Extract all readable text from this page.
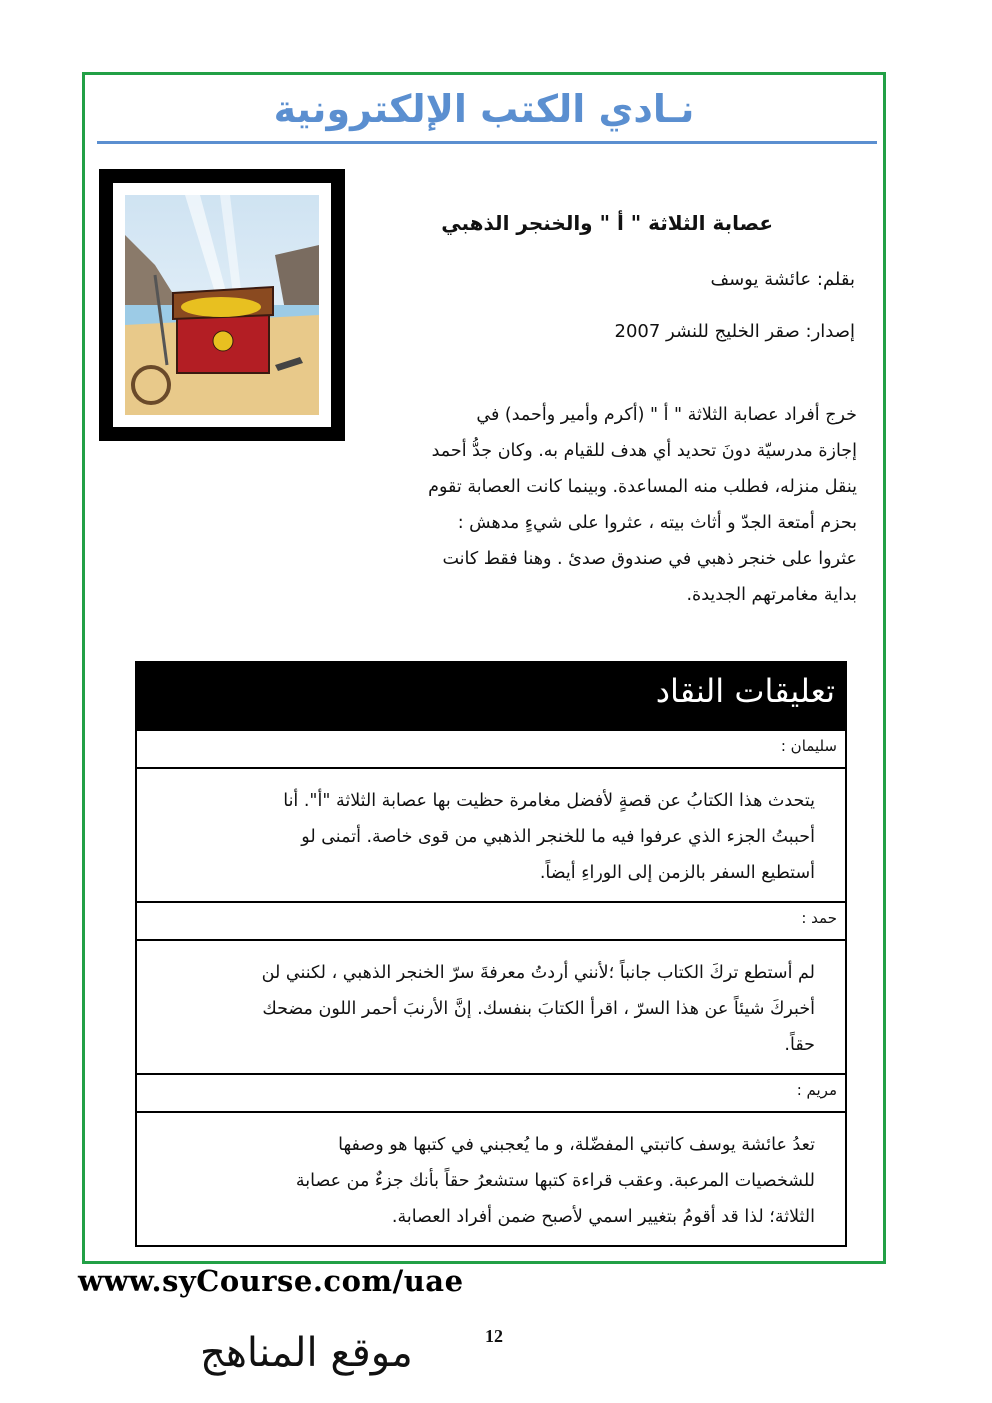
نـادي الكتب الإلكترونية
عصابة الثلاثة " أ " والخنجر الذهبي
بقلم: عائشة يوسف
إصدار: صقر الخليج للنشر 2007
خرج أفراد عصابة الثلاثة " أ " (أكرم وأمير وأحمد) في
إجازة مدرسيّة دونَ تحديد أي هدف للقيام به. وكان جدُّ أحمد
ينقل منزله، فطلب منه المساعدة. وبينما كانت العصابة تقوم
بحزم أمتعة الجدّ و أثاث بيته ، عثروا على شيءٍ مدهش :
عثروا على خنجر ذهبي في صندوق صدئ . وهنا فقط كانت
بداية مغامرتهم الجديدة.
تعليقات النقاد
سليمان :
يتحدث هذا الكتابُ عن قصةٍ لأفضل مغامرة حظيت بها عصابة الثلاثة "أ". أنا
أحببتُ الجزء الذي عرفوا فيه ما للخنجر الذهبي من قوى خاصة. أتمنى لو
أستطيع السفر بالزمن إلى الوراءِ أيضاً.
حمد :
لم أستطع تركَ الكتاب جانباً ؛لأنني أردتُ معرفةَ سرّ الخنجر الذهبي ، لكنني لن
أخبركَ شيئاً عن هذا السرّ ، اقرأ الكتابَ بنفسك. إنَّ الأرنبَ أحمر اللون مضحك
حقاً.
مريم :
تعدُ عائشة يوسف كاتبتي المفضّلة، و ما يُعجبني في كتبها هو وصفها
للشخصيات المرعبة. وعقب قراءة كتبها ستشعرُ حقاً بأنك جزءٌ من عصابة
الثلاثة؛ لذا قد أقومُ بتغيير اسمي لأصبح ضمن أفراد العصابة.
www.syCourse.com/uae
12
موقع المناهج
